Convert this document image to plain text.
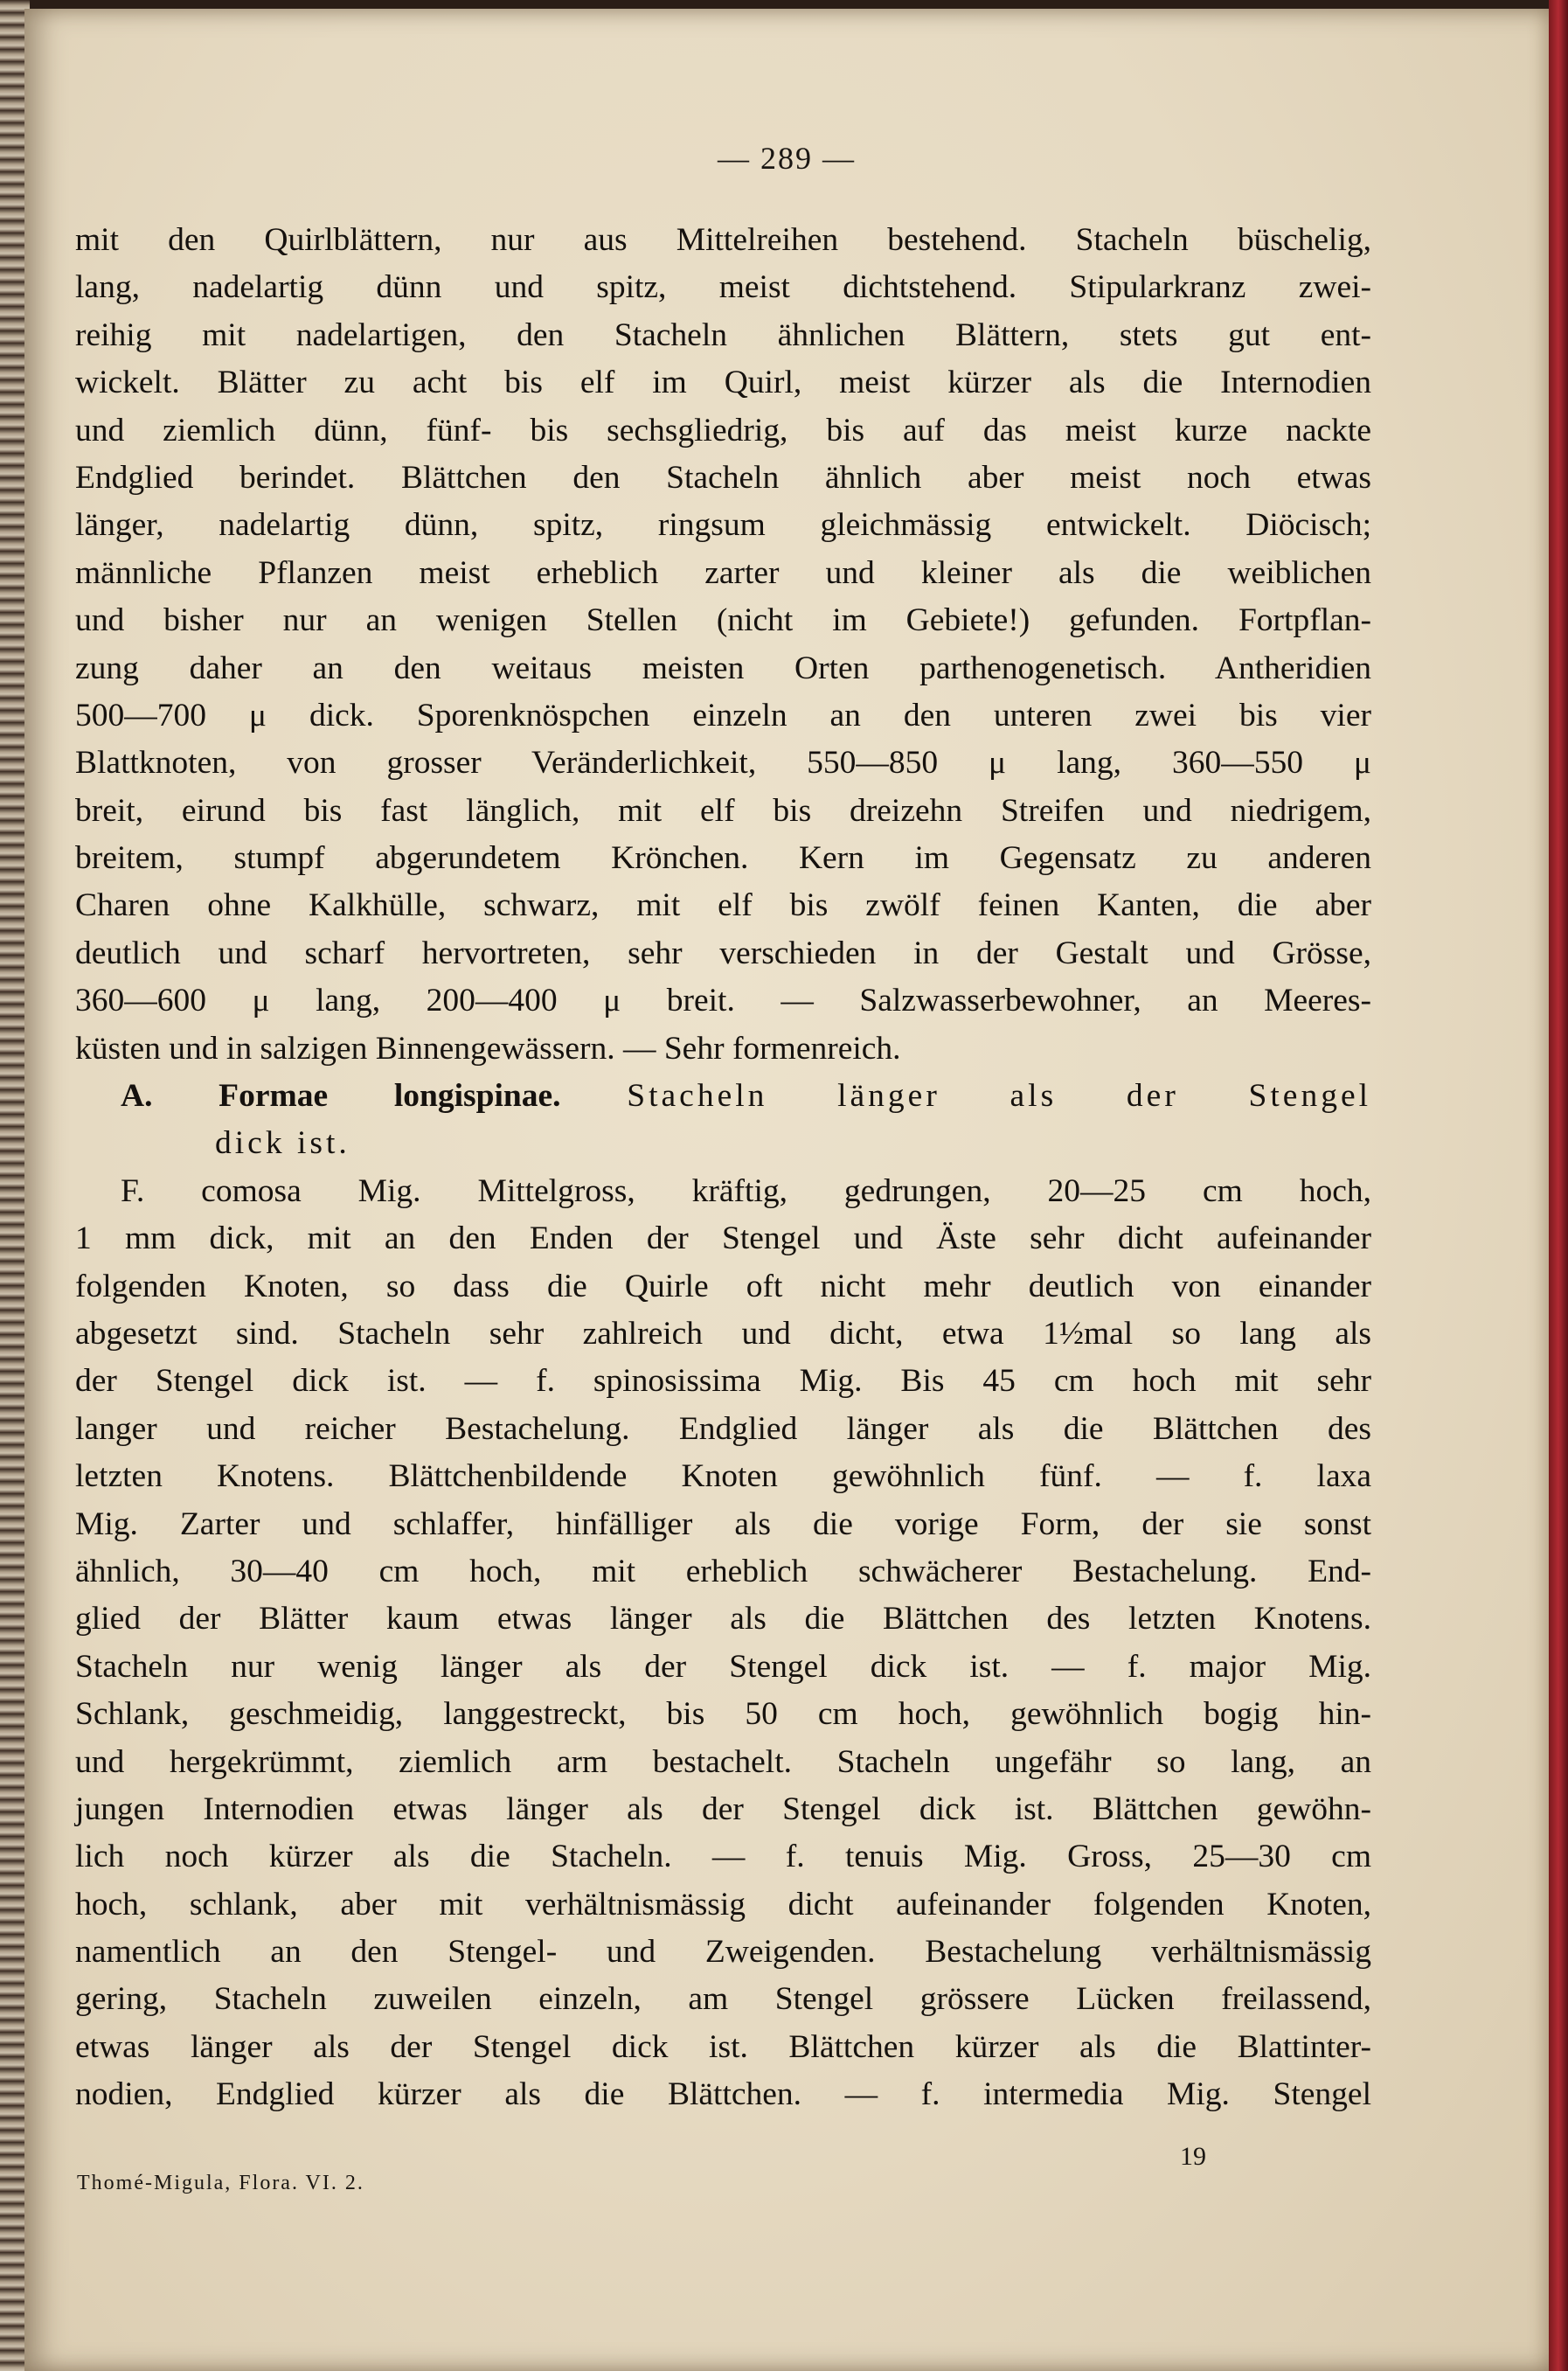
— 289 —
mit den Quirlblättern, nur aus Mittelreihen bestehend. Stacheln büschelig,
lang, nadelartig dünn und spitz, meist dichtstehend. Stipularkranz zwei-
reihig mit nadelartigen, den Stacheln ähnlichen Blättern, stets gut ent-
wickelt. Blätter zu acht bis elf im Quirl, meist kürzer als die Internodien
und ziemlich dünn, fünf- bis sechsgliedrig, bis auf das meist kurze nackte
Endglied berindet. Blättchen den Stacheln ähnlich aber meist noch etwas
länger, nadelartig dünn, spitz, ringsum gleichmässig entwickelt. Diöcisch;
männliche Pflanzen meist erheblich zarter und kleiner als die weiblichen
und bisher nur an wenigen Stellen (nicht im Gebiete!) gefunden. Fortpflan-
zung daher an den weitaus meisten Orten parthenogenetisch. Antheridien
500—700 μ dick. Sporenknöspchen einzeln an den unteren zwei bis vier
Blattknoten, von grosser Veränderlichkeit, 550—850 μ lang, 360—550 μ
breit, eirund bis fast länglich, mit elf bis dreizehn Streifen und niedrigem,
breitem, stumpf abgerundetem Krönchen. Kern im Gegensatz zu anderen
Charen ohne Kalkhülle, schwarz, mit elf bis zwölf feinen Kanten, die aber
deutlich und scharf hervortreten, sehr verschieden in der Gestalt und Grösse,
360—600 μ lang, 200—400 μ breit. — Salzwasserbewohner, an Meeres-
küsten und in salzigen Binnengewässern. — Sehr formenreich.
A. Formae longispinae. Stacheln länger als der Stengel
dick ist.
F. comosa Mig. Mittelgross, kräftig, gedrungen, 20—25 cm hoch,
1 mm dick, mit an den Enden der Stengel und Äste sehr dicht aufeinander
folgenden Knoten, so dass die Quirle oft nicht mehr deutlich von einander
abgesetzt sind. Stacheln sehr zahlreich und dicht, etwa 1½mal so lang als
der Stengel dick ist. — f. spinosissima Mig. Bis 45 cm hoch mit sehr
langer und reicher Bestachelung. Endglied länger als die Blättchen des
letzten Knotens. Blättchenbildende Knoten gewöhnlich fünf. — f. laxa
Mig. Zarter und schlaffer, hinfälliger als die vorige Form, der sie sonst
ähnlich, 30—40 cm hoch, mit erheblich schwächerer Bestachelung. End-
glied der Blätter kaum etwas länger als die Blättchen des letzten Knotens.
Stacheln nur wenig länger als der Stengel dick ist. — f. major Mig.
Schlank, geschmeidig, langgestreckt, bis 50 cm hoch, gewöhnlich bogig hin-
und hergekrümmt, ziemlich arm bestachelt. Stacheln ungefähr so lang, an
jungen Internodien etwas länger als der Stengel dick ist. Blättchen gewöhn-
lich noch kürzer als die Stacheln. — f. tenuis Mig. Gross, 25—30 cm
hoch, schlank, aber mit verhältnismässig dicht aufeinander folgenden Knoten,
namentlich an den Stengel- und Zweigenden. Bestachelung verhältnismässig
gering, Stacheln zuweilen einzeln, am Stengel grössere Lücken freilassend,
etwas länger als der Stengel dick ist. Blättchen kürzer als die Blattinter-
nodien, Endglied kürzer als die Blättchen. — f. intermedia Mig. Stengel
19
Thomé-Migula, Flora. VI. 2.
